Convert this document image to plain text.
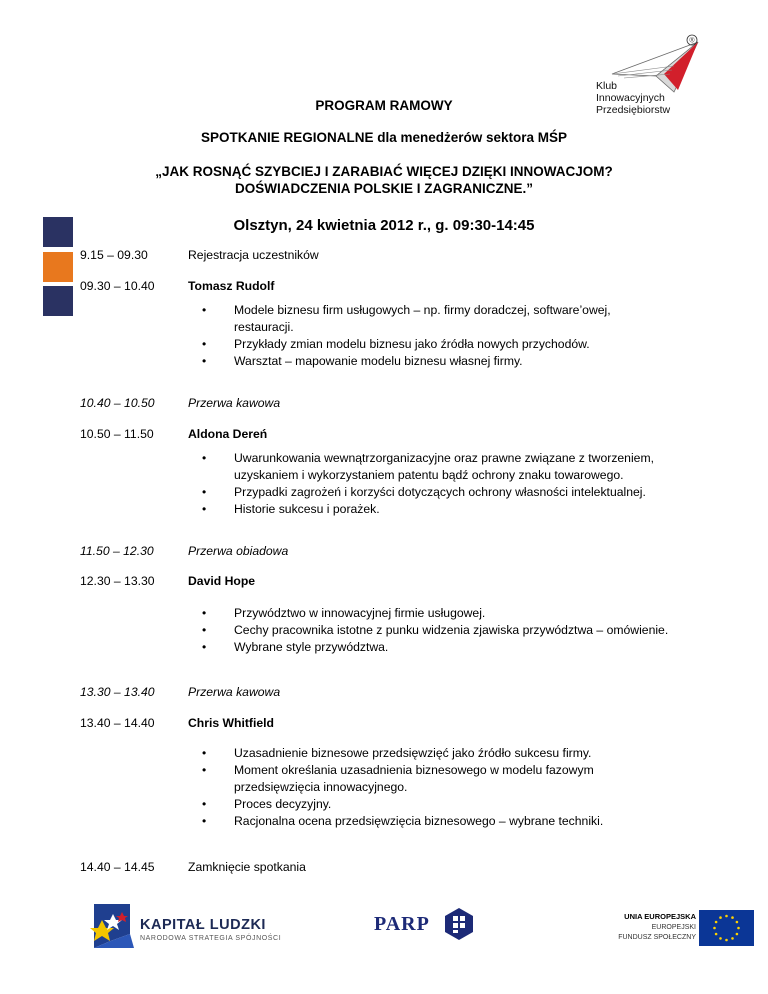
®
Klub
Innowacyjnych
Przedsiębiorstw
PROGRAM RAMOWY
SPOTKANIE REGIONALNE dla menedżerów sektora MŚP
„JAK ROSNĄĆ SZYBCIEJ I ZARABIAĆ WIĘCEJ DZIĘKI INNOWACJOM?
DOŚWIADCZENIA POLSKIE I ZAGRANICZNE.”
Olsztyn, 24 kwietnia 2012 r., g. 09:30-14:45
9.15 – 09.30	Rejestracja uczestników
09.30 – 10.40	Tomasz Rudolf
• Modele biznesu firm usługowych – np. firmy doradczej, software’owej, restauracji.
• Przykłady zmian modelu biznesu jako źródła nowych przychodów.
• Warsztat – mapowanie modelu biznesu własnej firmy.
10.40 – 10.50	Przerwa kawowa
10.50 – 11.50	Aldona Dereń
• Uwarunkowania wewnątrzorganizacyjne oraz prawne związane z tworzeniem, uzyskaniem i wykorzystaniem patentu bądź ochrony znaku towarowego.
• Przypadki zagrożeń i korzyści dotyczących ochrony własności intelektualnej.
• Historie sukcesu i porażek.
11.50 – 12.30	Przerwa obiadowa
12.30 – 13.30	David Hope
• Przywództwo w innowacyjnej firmie usługowej.
• Cechy pracownika istotne z punku widzenia zjawiska przywództwa – omówienie.
• Wybrane style przywództwa.
13.30 – 13.40	Przerwa kawowa
13.40 – 14.40	Chris Whitfield
• Uzasadnienie biznesowe przedsięwzięć jako źródło sukcesu firmy.
• Moment określania uzasadnienia biznesowego w modelu fazowym przedsięwzięcia innowacyjnego.
• Proces decyzyjny.
• Racjonalna ocena przedsięwzięcia biznesowego – wybrane techniki.
14.40 – 14.45	Zamknięcie spotkania
KAPITAŁ LUDZKI
NARODOWA STRATEGIA SPÓJNOŚCI
PARP	UNIA EUROPEJSKA
EUROPEJSKI
FUNDUSZ SPOŁECZNY
